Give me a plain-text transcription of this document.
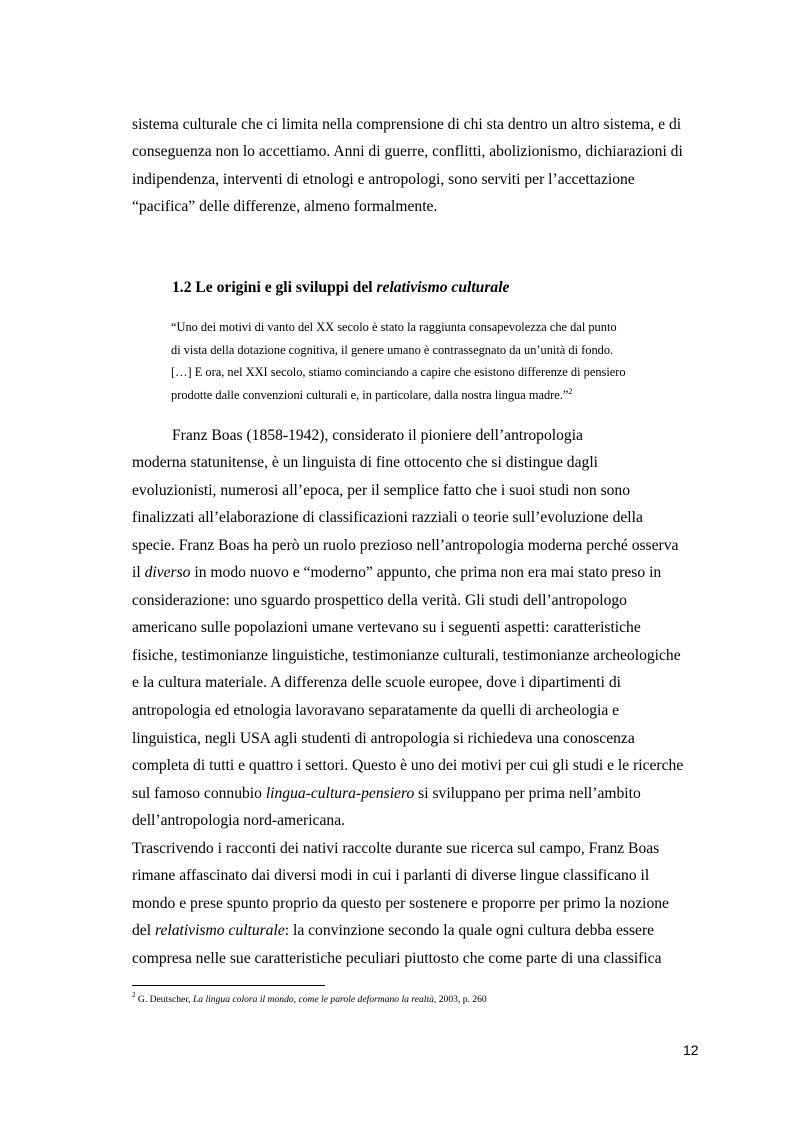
sistema culturale che ci limita nella comprensione di chi sta dentro un altro sistema, e di
conseguenza non lo accettiamo. Anni di guerre, conflitti, abolizionismo, dichiarazioni di
indipendenza, interventi di etnologi e antropologi, sono serviti per l’accettazione
“pacifica” delle differenze, almeno formalmente.
1.2 Le origini e gli sviluppi del relativismo culturale
“Uno dei motivi di vanto del XX secolo è stato la raggiunta consapevolezza che dal punto
di vista della dotazione cognitiva, il genere umano è contrassegnato da un’unità di fondo.
[…] E ora, nel XXI secolo, stiamo cominciando a capire che esistono differenze di pensiero
prodotte dalle convenzioni culturali e, in particolare, dalla nostra lingua madre.”$^2$
Franz Boas (1858-1942), considerato il pioniere dell’antropologia
moderna statunitense, è un linguista di fine ottocento che si distingue dagli
evoluzionisti, numerosi all’epoca, per il semplice fatto che i suoi studi non sono
finalizzati all’elaborazione di classificazioni razziali o teorie sull’evoluzione della
specie. Franz Boas ha però un ruolo prezioso nell’antropologia moderna perché osserva
il diverso in modo nuovo e “moderno” appunto, che prima non era mai stato preso in
considerazione: uno sguardo prospettico della verità. Gli studi dell’antropologo
americano sulle popolazioni umane vertevano su i seguenti aspetti: caratteristiche
fisiche, testimonianze linguistiche, testimonianze culturali, testimonianze archeologiche
e la cultura materiale. A differenza delle scuole europee, dove i dipartimenti di
antropologia ed etnologia lavoravano separatamente da quelli di archeologia e
linguistica, negli USA agli studenti di antropologia si richiedeva una conoscenza
completa di tutti e quattro i settori. Questo è uno dei motivi per cui gli studi e le ricerche
sul famoso connubio lingua-cultura-pensiero si sviluppano per prima nell’ambito
dell’antropologia nord-americana.
Trascrivendo i racconti dei nativi raccolte durante sue ricerca sul campo, Franz Boas
rimane affascinato dai diversi modi in cui i parlanti di diverse lingue classificano il
mondo e prese spunto proprio da questo per sostenere e proporre per primo la nozione
del relativismo culturale: la convinzione secondo la quale ogni cultura debba essere
compresa nelle sue caratteristiche peculiari piuttosto che come parte di una classifica
$^2$ G. Deutscher, La lingua colora il mondo, come le parole deformano la realtà, 2003, p. 260
12
